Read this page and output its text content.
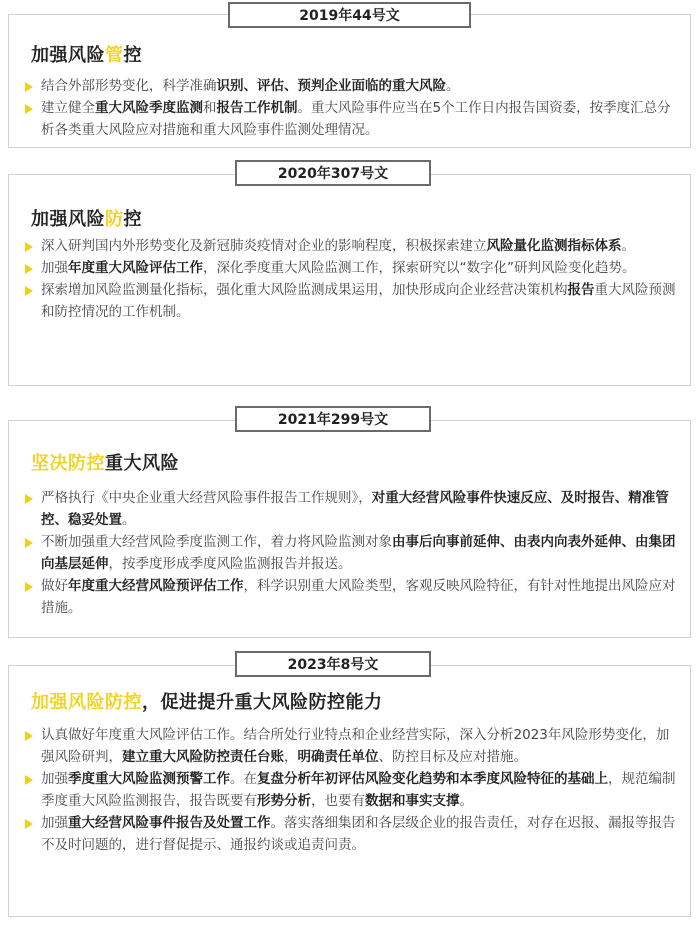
2019年44号文
加强风险管控
结合外部形势变化，科学准确识别、评估、预判企业面临的重大风险。
建立健全重大风险季度监测和报告工作机制。重大风险事件应当在5个工作日内报告国资委，按季度汇总分析各类重大风险应对措施和重大风险事件监测处理情况。
2020年307号文
加强风险防控
深入研判国内外形势变化及新冠肺炎疫情对企业的影响程度，积极探索建立风险量化监测指标体系。
加强年度重大风险评估工作，深化季度重大风险监测工作，探索研究以“数字化”研判风险变化趋势。
探索增加风险监测量化指标，强化重大风险监测成果运用，加快形成向企业经营决策机构报告重大风险预测和防控情况的工作机制。
2021年299号文
坚决防控重大风险
严格执行《中央企业重大经营风险事件报告工作规则》，对重大经营风险事件快速反应、及时报告、精准管控、稳妥处置。
不断加强重大经营风险季度监测工作，着力将风险监测对象由事后向事前延伸、由表内向表外延伸、由集团向基层延伸，按季度形成季度风险监测报告并报送。
做好年度重大经营风险预评估工作，科学识别重大风险类型，客观反映风险特征，有针对性地提出风险应对措施。
2023年8号文
加强风险防控，促进提升重大风险防控能力
认真做好年度重大风险评估工作。结合所处行业特点和企业经营实际，深入分析2023年风险形势变化，加强风险研判，建立重大风险防控责任台账，明确责任单位、防控目标及应对措施。
加强季度重大风险监测预警工作。在复盘分析年初评估风险变化趋势和本季度风险特征的基础上，规范编制季度重大风险监测报告，报告既要有形势分析，也要有数据和事实支撑。
加强重大经营风险事件报告及处置工作。落实落细集团和各层级企业的报告责任，对存在迟报、漏报等报告不及时问题的，进行督促提示、通报约谈或追责问责。
